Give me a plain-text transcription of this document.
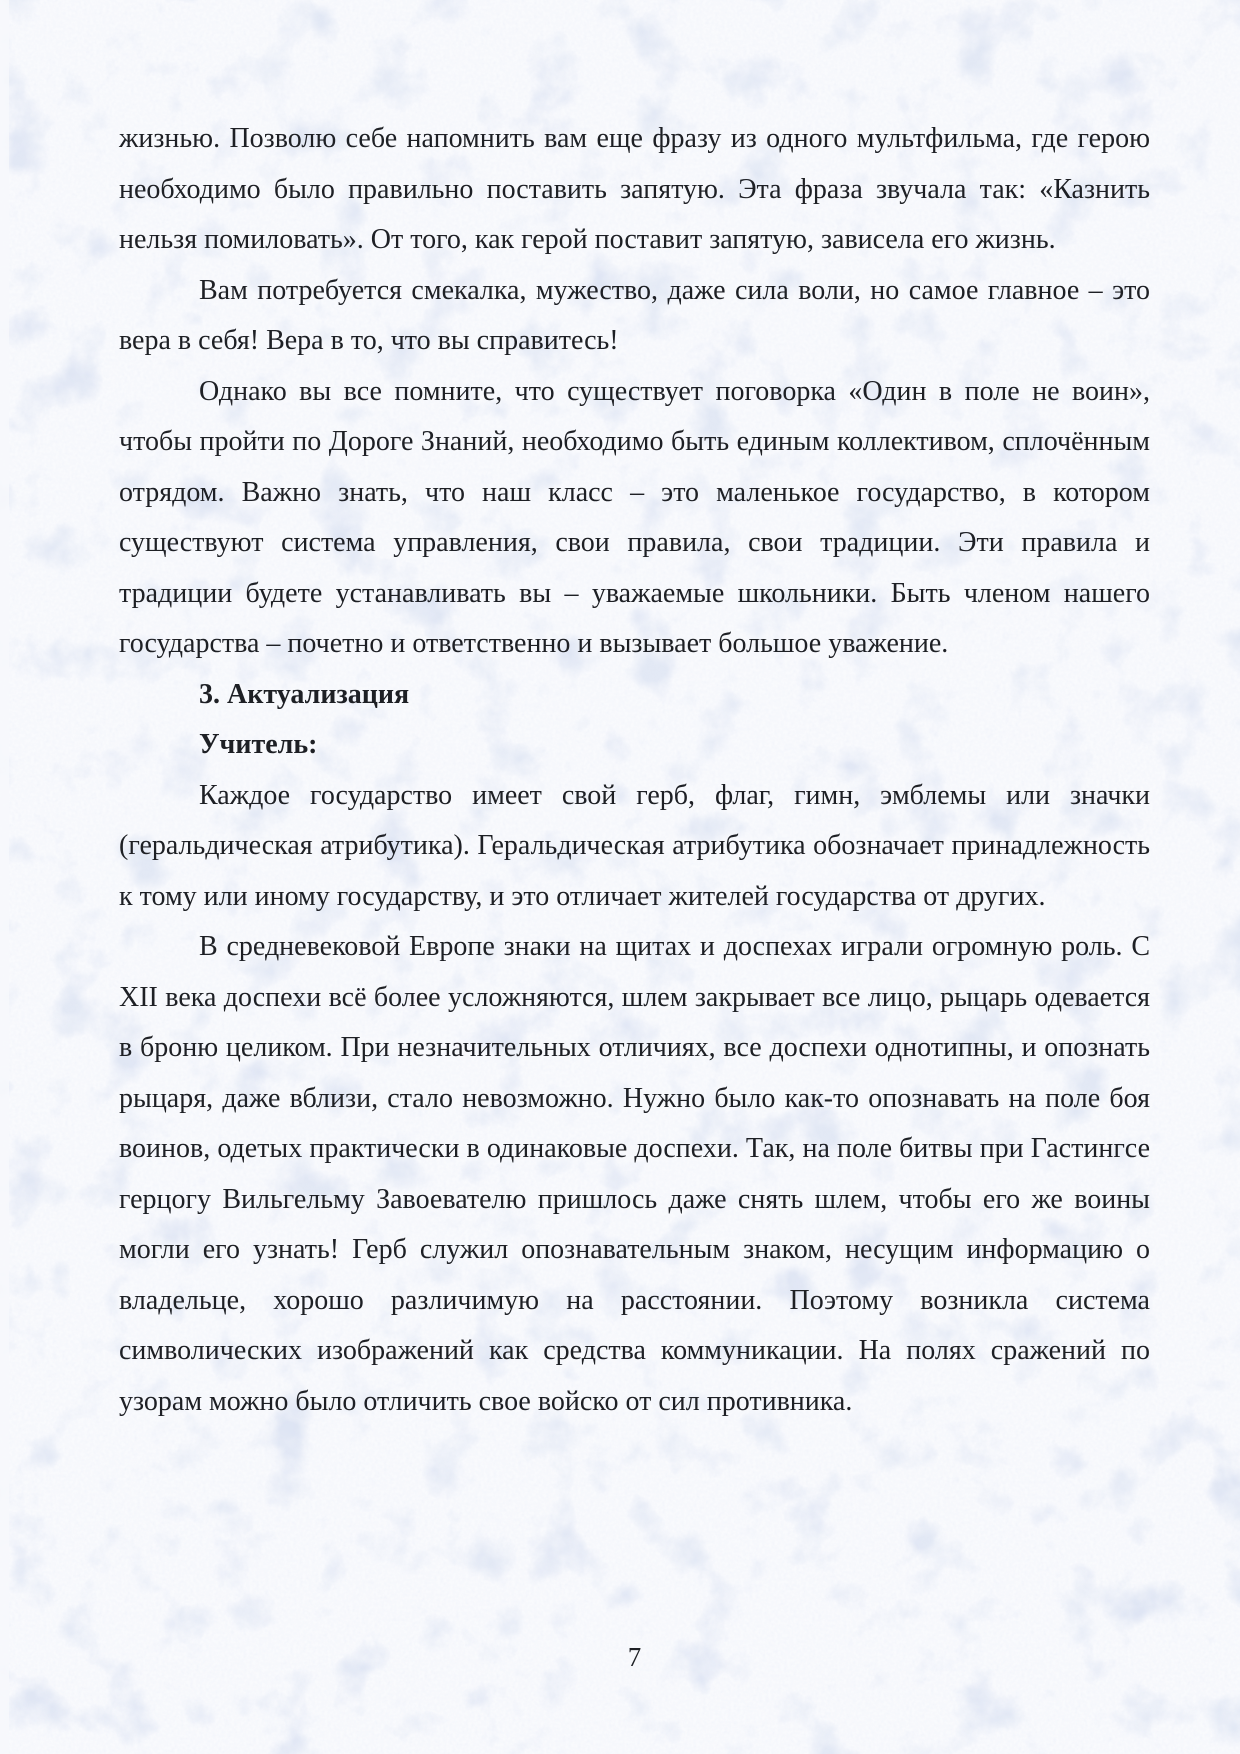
жизнью. Позволю себе напомнить вам еще фразу из одного мультфильма, где герою необходимо было правильно поставить запятую. Эта фраза звучала так: «Казнить нельзя помиловать». От того, как герой поставит запятую, зависела его жизнь.

Вам потребуется смекалка, мужество, даже сила воли, но самое главное – это вера в себя! Вера в то, что вы справитесь!

Однако вы все помните, что существует поговорка «Один в поле не воин», чтобы пройти по Дороге Знаний, необходимо быть единым коллективом, сплочённым отрядом. Важно знать, что наш класс – это маленькое государство, в котором существуют система управления, свои правила, свои традиции. Эти правила и традиции будете устанавливать вы – уважаемые школьники. Быть членом нашего государства – почетно и ответственно и вызывает большое уважение.

3. Актуализация

Учитель:

Каждое государство имеет свой герб, флаг, гимн, эмблемы или значки (геральдическая атрибутика). Геральдическая атрибутика обозначает принадлежность к тому или иному государству, и это отличает жителей государства от других.

В средневековой Европе знаки на щитах и доспехах играли огромную роль. С XII века доспехи всё более усложняются, шлем закрывает все лицо, рыцарь одевается в броню целиком. При незначительных отличиях, все доспехи однотипны, и опознать рыцаря, даже вблизи, стало невозможно. Нужно было как-то опознавать на поле боя воинов, одетых практически в одинаковые доспехи. Так, на поле битвы при Гастингсе герцогу Вильгельму Завоевателю пришлось даже снять шлем, чтобы его же воины могли его узнать! Герб служил опознавательным знаком, несущим информацию о владельце, хорошо различимую на расстоянии. Поэтому возникла система символических изображений как средства коммуникации. На полях сражений по узорам можно было отличить свое войско от сил противника.

7
